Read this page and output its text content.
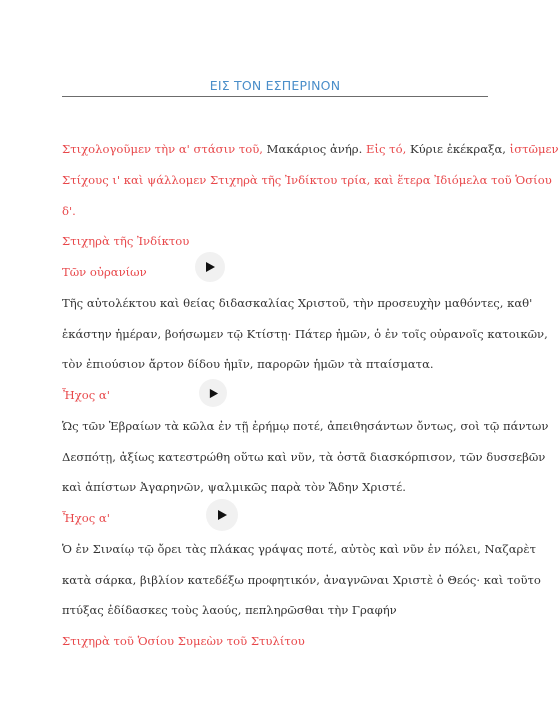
ΕΙΣ ΤΟΝ ΕΣΠΕΡΙΝΟΝ
Στιχολογοῦμεν τὴν α' στάσιν τοῦ, Μακάριος ἀνήρ. Εἰς τό, Κύριε ἐκέκραξα, ἱστῶμεν
Στίχους ι' καὶ ψάλλομεν Στιχηρὰ τῆς Ἰνδίκτου τρία, καὶ ἕτερα Ἰδιόμελα τοῦ Ὁσίου
δ'.
Στιχηρὰ τῆς Ἰνδίκτου
Τῶν οὐρανίων
Τῆς αὐτολέκτου καὶ θείας διδασκαλίας Χριστοῦ, τὴν προσευχὴν μαθόντες, καθ'
ἑκάστην ἡμέραν, βοήσωμεν τῷ Κτίστῃ· Πάτερ ἡμῶν, ὁ ἐν τοῖς οὐρανοῖς κατοικῶν,
τὸν ἐπιούσιον ἄρτον δίδου ἡμῖν, παρορῶν ἡμῶν τὰ πταίσματα.
Ἦχος α'
Ὡς τῶν Ἑβραίων τὰ κῶλα ἐν τῇ ἐρήμῳ ποτέ, ἀπειθησάντων ὄντως, σοὶ τῷ πάντων
Δεσπότῃ, ἀξίως κατεστρώθη οὕτω καὶ νῦν, τὰ ὀστᾶ διασκόρπισον, τῶν δυσσεβῶν
καὶ ἀπίστων Ἀγαρηνῶν, ψαλμικῶς παρὰ τὸν Ἅδην Χριστέ.
Ἦχος α'
Ὁ ἐν Σιναίῳ τῷ ὄρει τὰς πλάκας γράψας ποτέ, αὐτὸς καὶ νῦν ἐν πόλει, Ναζαρὲτ
κατὰ σάρκα, βιβλίον κατεδέξω προφητικόν, ἀναγνῶναι Χριστὲ ὁ Θεός· καὶ τοῦτο
πτύξας ἐδίδασκες τοὺς λαούς, πεπληρῶσθαι τὴν Γραφήν
Στιχηρὰ τοῦ Ὁσίου Συμεὼν τοῦ Στυλίτου
